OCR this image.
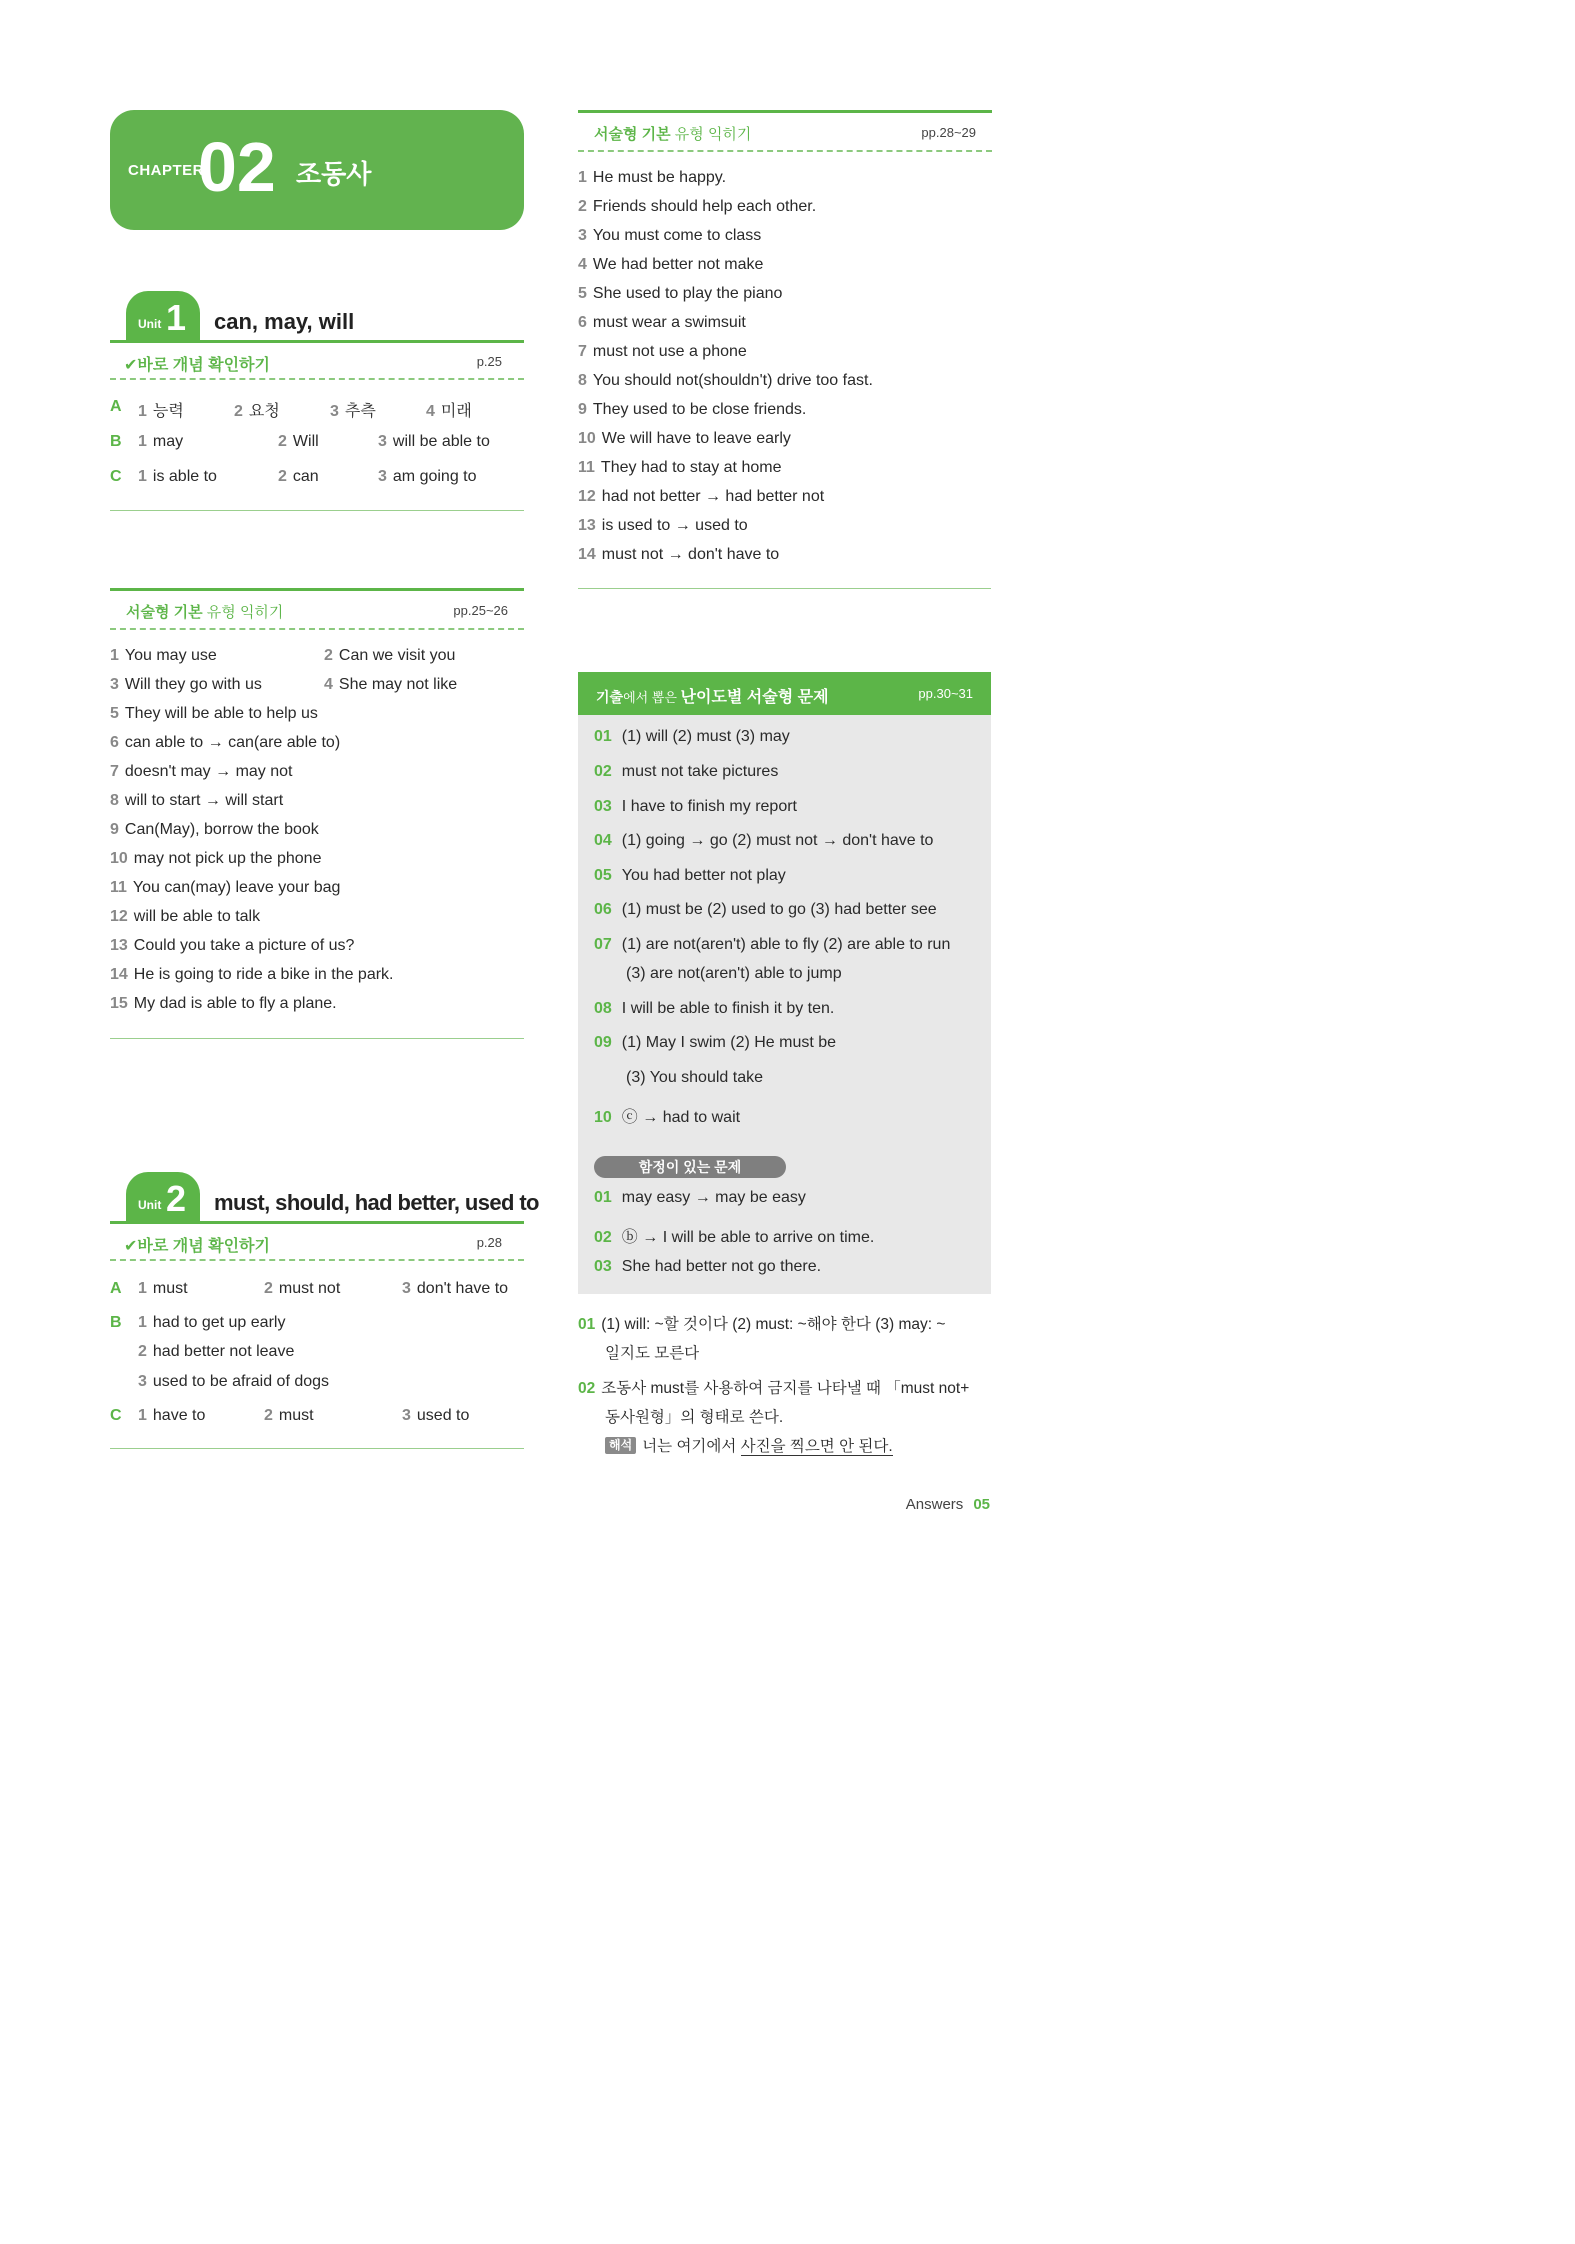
CHAPTER
02 조동사
Unit 1 can, may, will
✔바로 개념 확인하기	p.25
A 1 능력	2 요청	3 추측	4 미래
B 1 may	2 Will	3 will be able to
C 1 is able to	2 can	3 am going to
서술형 기본 유형 익히기	pp.25~26
1 You may use	2 Can we visit you
3 Will they go with us	4 She may not like
5 They will be able to help us
6 can able to → can(are able to)
7 doesn't may → may not
8 will to start → will start
9 Can(May), borrow the book
10 may not pick up the phone
11 You can(may) leave your bag
12 will be able to talk
13 Could you take a picture of us?
14 He is going to ride a bike in the park.
15 My dad is able to fly a plane.
Unit 2 must, should, had better, used to
✔바로 개념 확인하기	p.28
A 1 must	2 must not	3 don't have to
B 1 had to get up early
2 had better not leave
3 used to be afraid of dogs
C 1 have to	2 must	3 used to
서술형 기본 유형 익히기	pp.28~29
1 He must be happy.
2 Friends should help each other.
3 You must come to class
4 We had better not make
5 She used to play the piano
6 must wear a swimsuit
7 must not use a phone
8 You should not(shouldn't) drive too fast.
9 They used to be close friends.
10 We will have to leave early
11 They had to stay at home
12 had not better → had better not
13 is used to → used to
14 must not → don't have to
기출에서 뽑은 난이도별 서술형 문제	pp.30~31
01 (1) will (2) must (3) may
02 must not take pictures
03 I have to finish my report
04 (1) going → go (2) must not → don't have to
05 You had better not play
06 (1) must be (2) used to go (3) had better see
07 (1) are not(aren't) able to fly (2) are able to run
(3) are not(aren't) able to jump
08 I will be able to finish it by ten.
09 (1) May I swim (2) He must be
(3) You should take
10 ⓒ → had to wait
함정이 있는 문제
01 may easy → may be easy
02 ⓑ → I will be able to arrive on time.
03 She had better not go there.
01 (1) will: ~할 것이다 (2) must: ~해야 한다 (3) may: ~
일지도 모른다
02 조동사 must를 사용하여 금지를 나타낼 때 「must not+
동사원형」의 형태로 쓴다.
해석 너는 여기에서 사진을 찍으면 안 된다.
Answers 05
